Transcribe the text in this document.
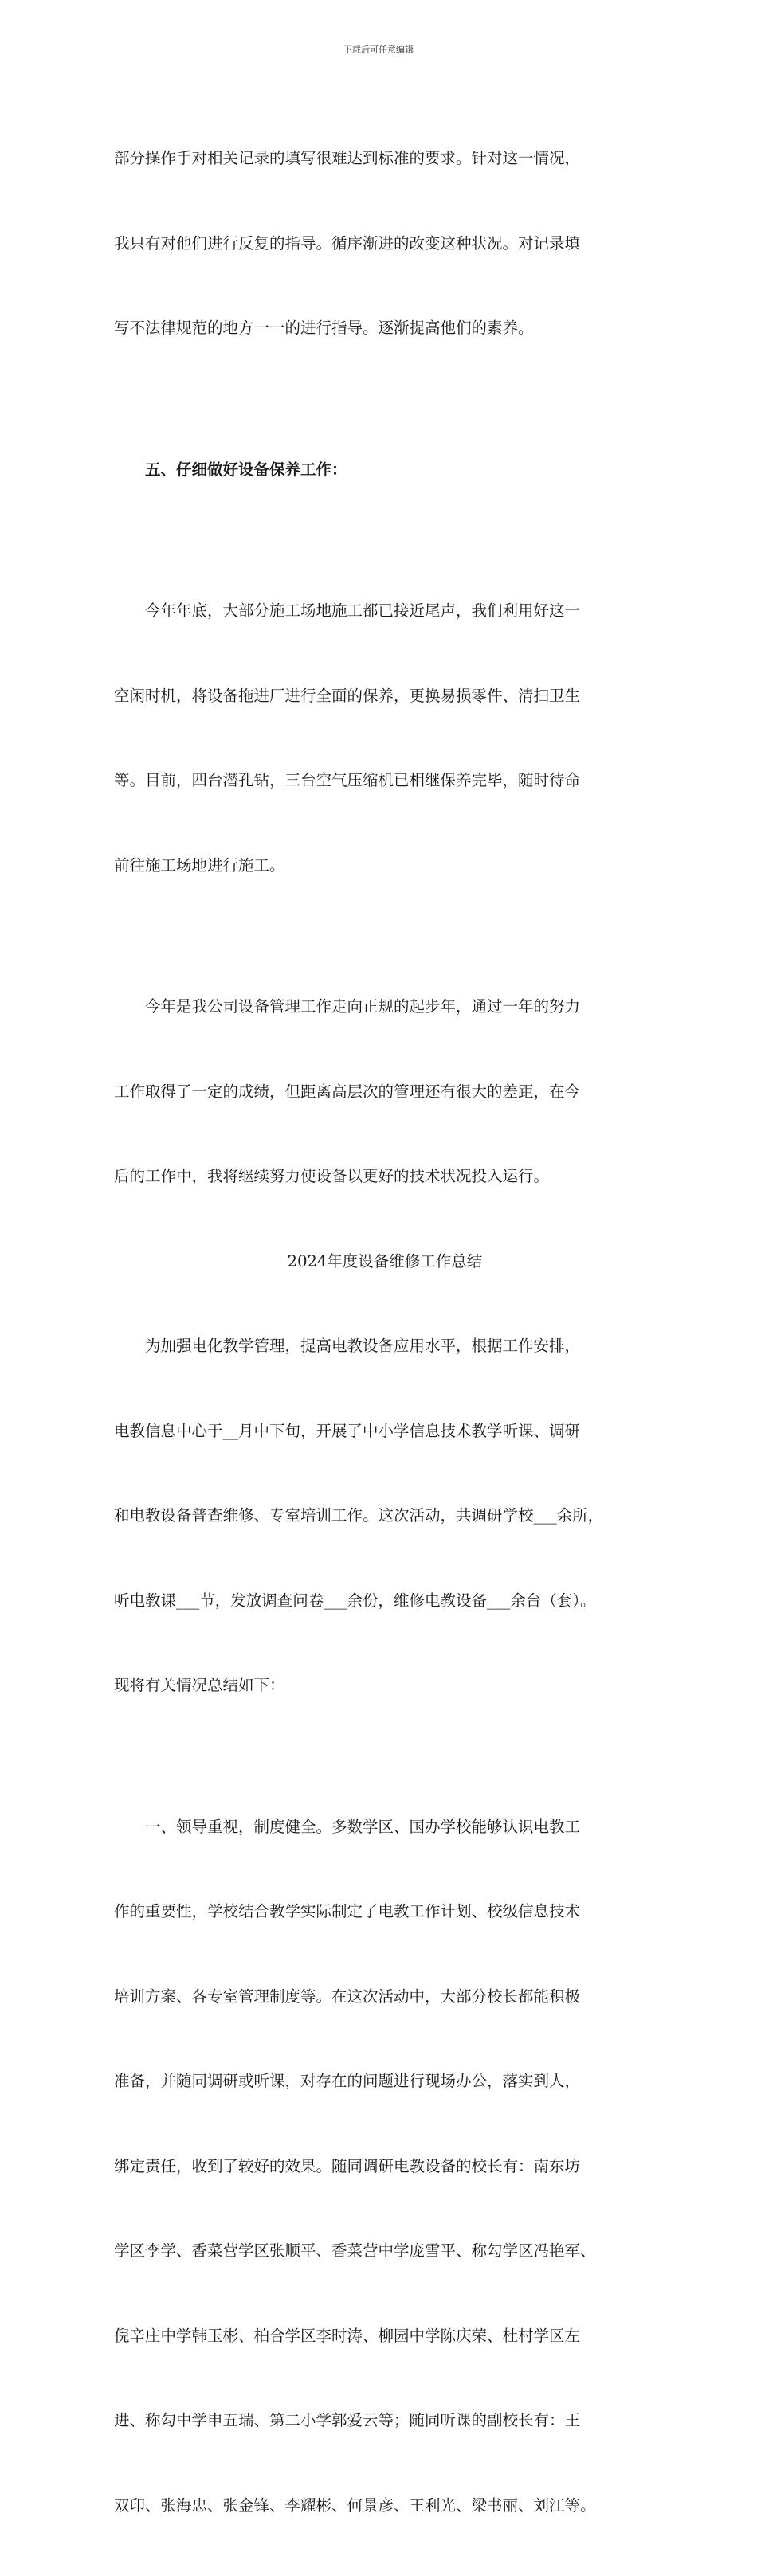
下载后可任意编辑

部分操作手对相关记录的填写很难达到标准的要求。针对这一情况，

我只有对他们进行反复的指导。循序渐进的改变这种状况。对记录填

写不法律规范的地方一一的进行指导。逐渐提高他们的素养。

五、仔细做好设备保养工作：

今年年底，大部分施工场地施工都已接近尾声，我们利用好这一

空闲时机，将设备拖进厂进行全面的保养，更换易损零件、清扫卫生

等。目前，四台潜孔钻，三台空气压缩机已相继保养完毕，随时待命

前往施工场地进行施工。

今年是我公司设备管理工作走向正规的起步年，通过一年的努力

工作取得了一定的成绩，但距离高层次的管理还有很大的差距，在今

后的工作中，我将继续努力使设备以更好的技术状况投入运行。

2024年度设备维修工作总结

为加强电化教学管理，提高电教设备应用水平，根据工作安排，

电教信息中心于__月中下旬，开展了中小学信息技术教学听课、调研

和电教设备普查维修、专室培训工作。这次活动，共调研学校___余所，

听电教课___节，发放调查问卷___余份，维修电教设备___余台（套）。

现将有关情况总结如下：

一、领导重视，制度健全。多数学区、国办学校能够认识电教工

作的重要性，学校结合教学实际制定了电教工作计划、校级信息技术

培训方案、各专室管理制度等。在这次活动中，大部分校长都能积极

准备，并随同调研或听课，对存在的问题进行现场办公，落实到人，

绑定责任，收到了较好的效果。随同调研电教设备的校长有：南东坊

学区李学、香菜营学区张顺平、香菜营中学庞雪平、称勾学区冯艳军、

倪辛庄中学韩玉彬、柏合学区李时涛、柳园中学陈庆荣、杜村学区左

进、称勾中学申五瑞、第二小学郭爱云等；随同听课的副校长有：王

双印、张海忠、张金锋、李耀彬、何景彦、王利光、梁书丽、刘江等。
